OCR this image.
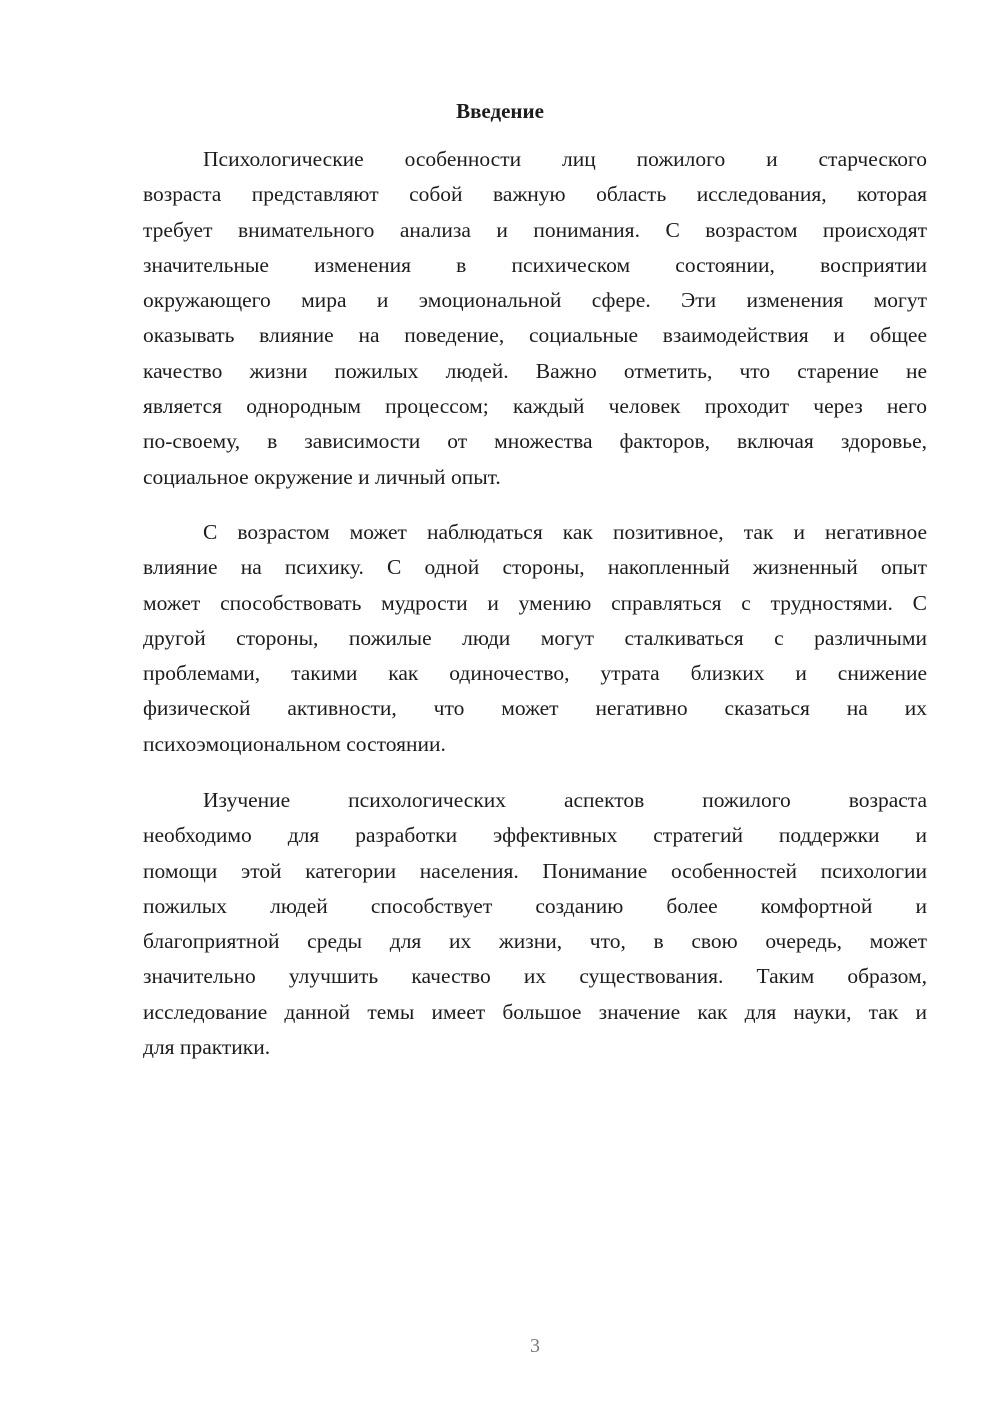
Введение
Психологические особенности лиц пожилого и старческого
возраста представляют собой важную область исследования, которая
требует внимательного анализа и понимания. С возрастом происходят
значительные изменения в психическом состоянии, восприятии
окружающего мира и эмоциональной сфере. Эти изменения могут
оказывать влияние на поведение, социальные взаимодействия и общее
качество жизни пожилых людей. Важно отметить, что старение не
является однородным процессом; каждый человек проходит через него
по-своему, в зависимости от множества факторов, включая здоровье,
социальное окружение и личный опыт.
С возрастом может наблюдаться как позитивное, так и негативное
влияние на психику. С одной стороны, накопленный жизненный опыт
может способствовать мудрости и умению справляться с трудностями. С
другой стороны, пожилые люди могут сталкиваться с различными
проблемами, такими как одиночество, утрата близких и снижение
физической активности, что может негативно сказаться на их
психоэмоциональном состоянии.
Изучение психологических аспектов пожилого возраста
необходимо для разработки эффективных стратегий поддержки и
помощи этой категории населения. Понимание особенностей психологии
пожилых людей способствует созданию более комфортной и
благоприятной среды для их жизни, что, в свою очередь, может
значительно улучшить качество их существования. Таким образом,
исследование данной темы имеет большое значение как для науки, так и
для практики.
3
